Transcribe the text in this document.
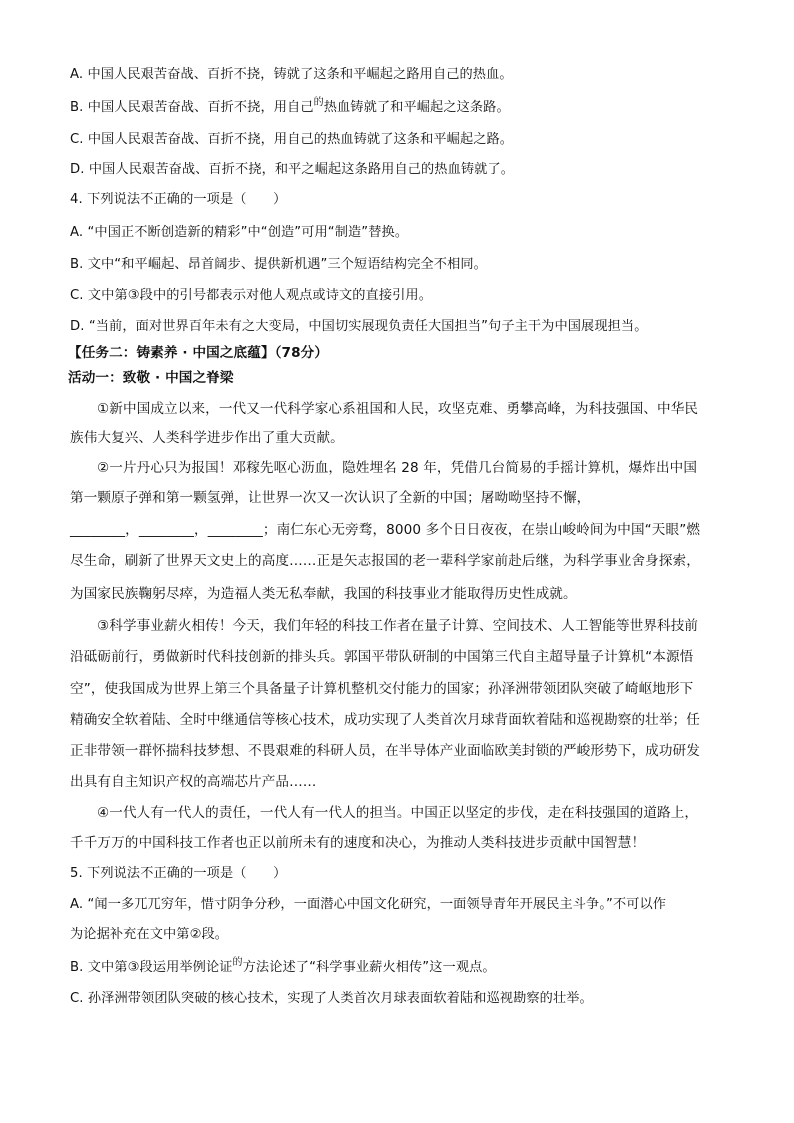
A. 中国人民艰苦奋战、百折不挠，铸就了这条和平崛起之路用自己的热血。
B. 中国人民艰苦奋战、百折不挠，用自己$^的$热血铸就了和平崛起之这条路。
C. 中国人民艰苦奋战、百折不挠，用自己的热血铸就了这条和平崛起之路。
D. 中国人民艰苦奋战、百折不挠，和平之崛起这条路用自己的热血铸就了。
4. 下列说法不正确的一项是（　　）
A. “中国正不断创造新的精彩”中“创造”可用“制造”替换。
B. 文中“和平崛起、昂首阔步、提供新机遇”三个短语结构完全不相同。
C. 文中第③段中的引号都表示对他人观点或诗文的直接引用。
D. “当前，面对世界百年未有之大变局，中国切实展现负责任大国担当”句子主干为中国展现担当。
【任务二：铸素养 · 中国之底蕴】（78分）
活动一：致敬 · 中国之脊梁
①新中国成立以来，一代又一代科学家心系祖国和人民，攻坚克难、勇攀高峰，为科技强国、中华民
族伟大复兴、人类科学进步作出了重大贡献。
②一片丹心只为报国！邓稼先呕心沥血，隐姓埋名 28 年，凭借几台简易的手摇计算机，爆炸出中国
第一颗原子弹和第一颗氢弹，让世界一次又一次认识了全新的中国；屠呦呦坚持不懈，
________，________，________；南仁东心无旁骛，8000 多个日日夜夜，在崇山峻岭间为中国“天眼”燃
尽生命，刷新了世界天文史上的高度……正是矢志报国的老一辈科学家前赴后继，为科学事业舍身探索，
为国家民族鞠躬尽瘁，为造福人类无私奉献，我国的科技事业才能取得历史性成就。
③科学事业薪火相传！今天，我们年轻的科技工作者在量子计算、空间技术、人工智能等世界科技前
沿砥砺前行，勇做新时代科技创新的排头兵。郭国平带队研制的中国第三代自主超导量子计算机“本源悟
空”，使我国成为世界上第三个具备量子计算机整机交付能力的国家；孙泽洲带领团队突破了崎岖地形下
精确安全软着陆、全时中继通信等核心技术，成功实现了人类首次月球背面软着陆和巡视勘察的壮举；任
正非带领一群怀揣科技梦想、不畏艰难的科研人员，在半导体产业面临欧美封锁的严峻形势下，成功研发
出具有自主知识产权的高端芯片产品……
④一代人有一代人的责任，一代人有一代人的担当。中国正以坚定的步伐，走在科技强国的道路上，
千千万万的中国科技工作者也正以前所未有的速度和决心，为推动人类科技进步贡献中国智慧！
5. 下列说法不正确的一项是（　　）
A. “闻一多兀兀穷年，惜寸阴争分秒，一面潜心中国文化研究，一面领导青年开展民主斗争。”不可以作
为论据补充在文中第②段。
B. 文中第③段运用举例论证$^的$方法论述了“科学事业薪火相传”这一观点。
C. 孙泽洲带领团队突破的核心技术，实现了人类首次月球表面软着陆和巡视勘察的壮举。
